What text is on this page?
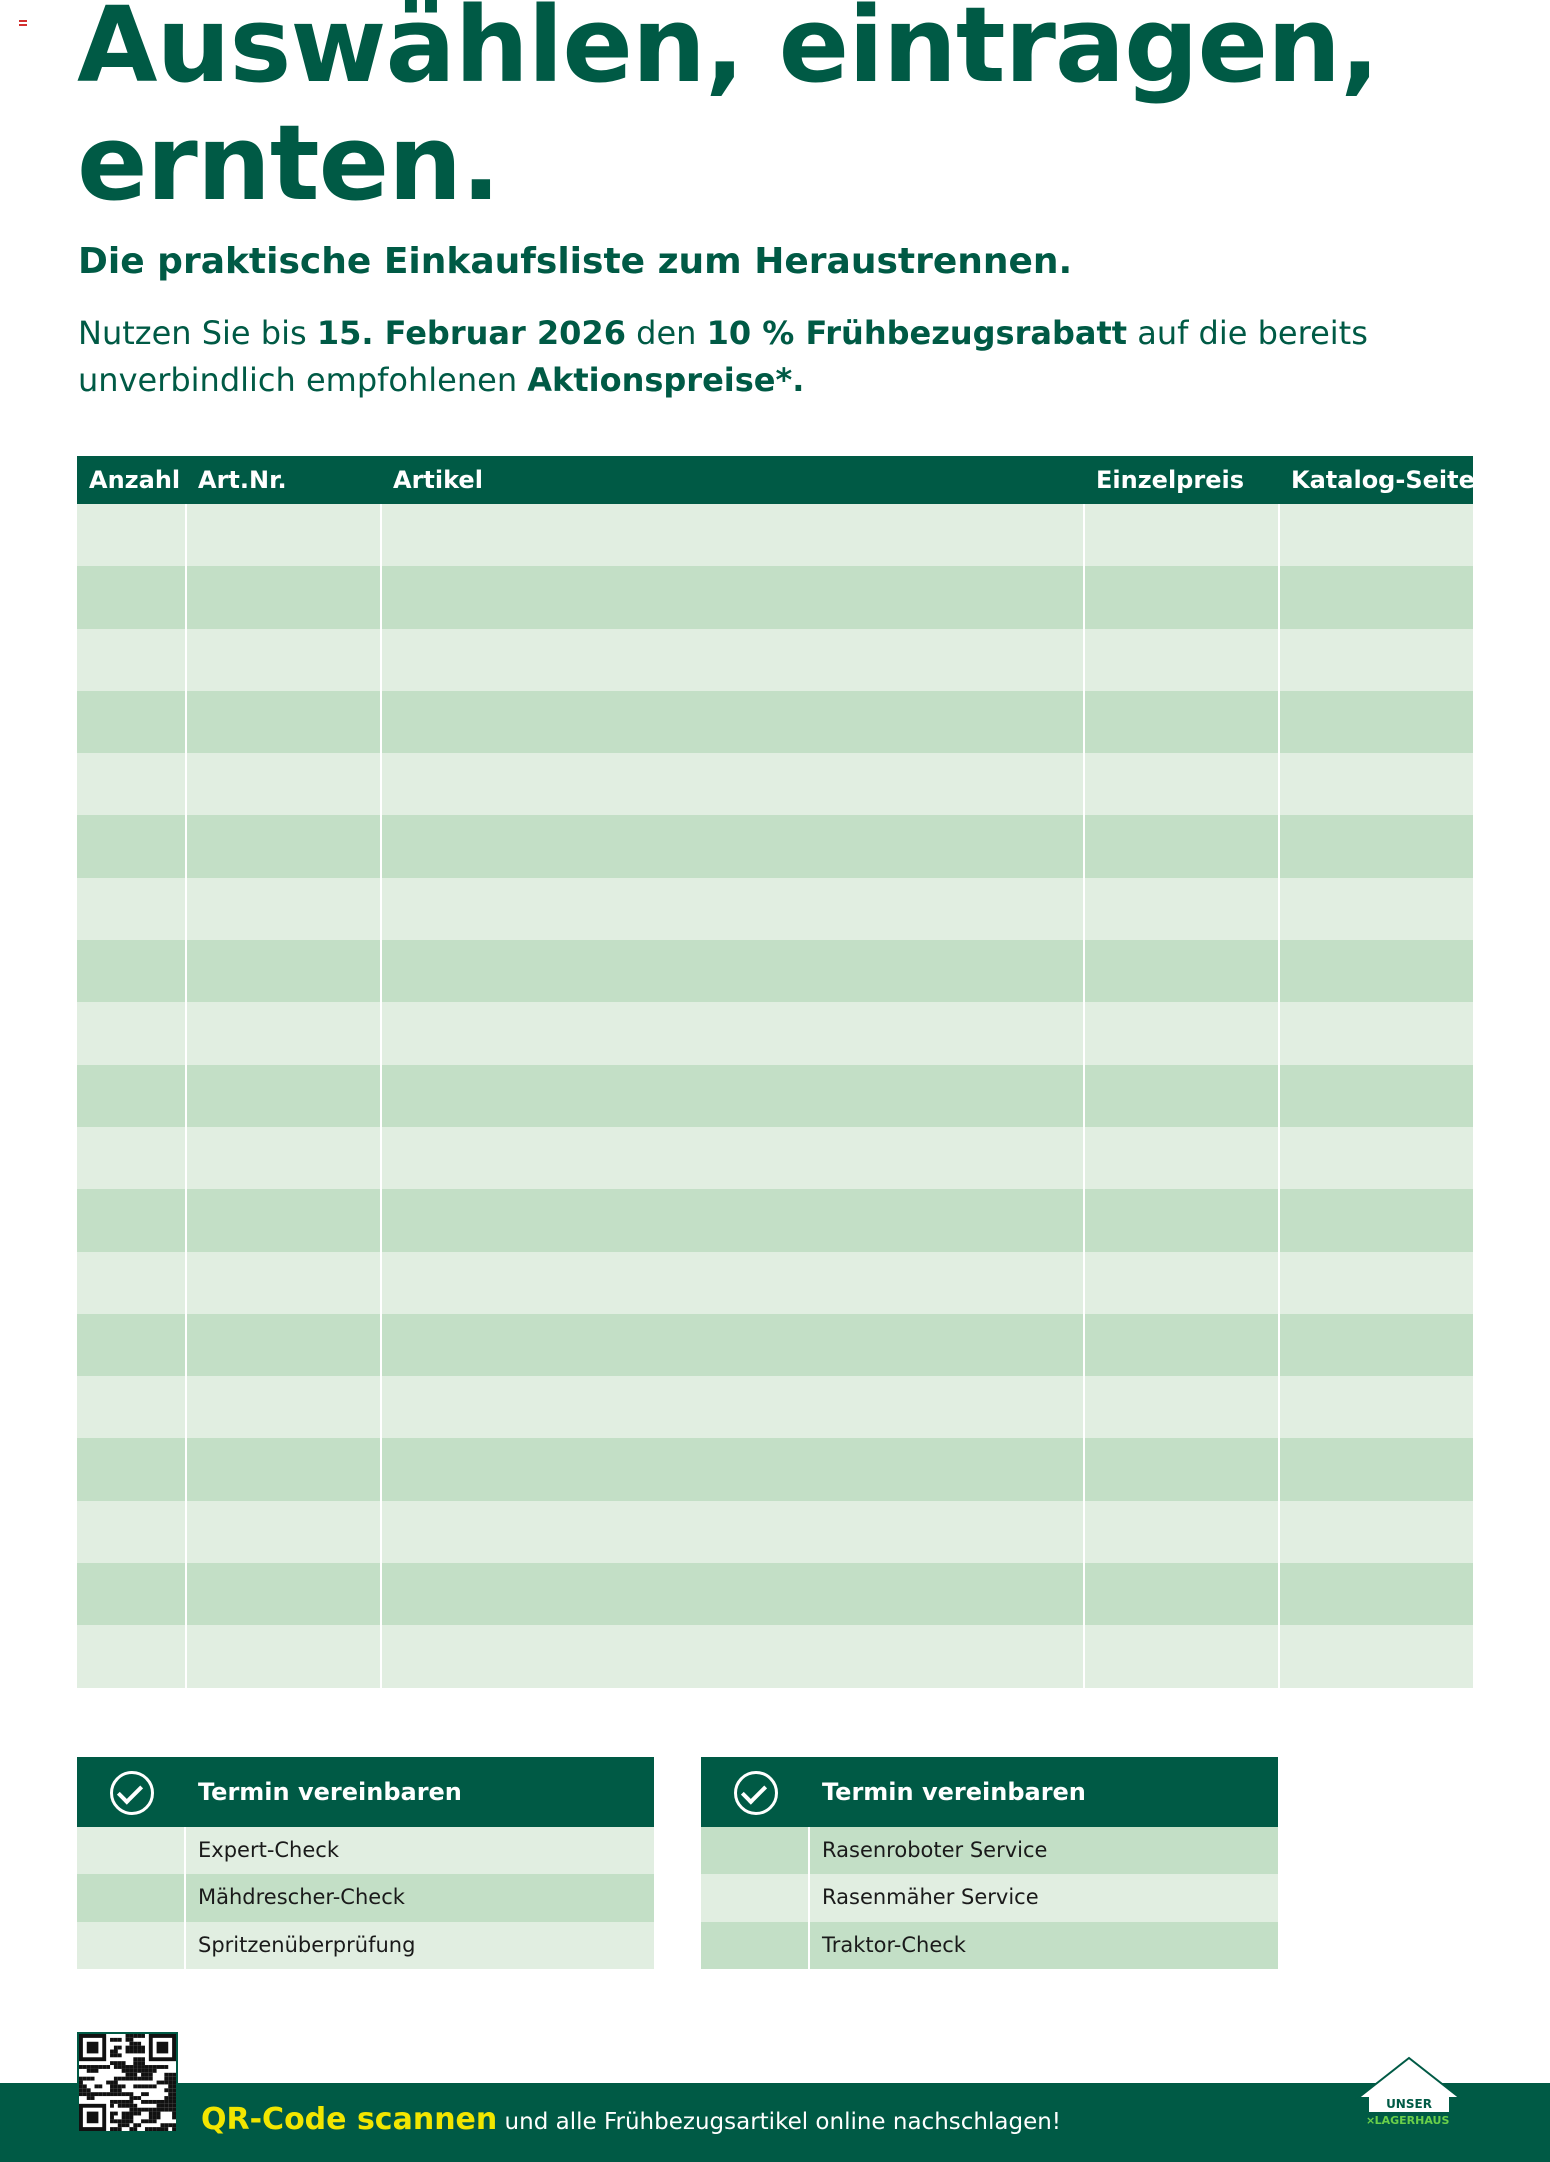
Auswählen, eintragen, ernten.
Die praktische Einkaufsliste zum Heraustrennen.

Nutzen Sie bis 15. Februar 2026 den 10 % Frühbezugsrabatt auf die bereits unverbindlich empfohlenen Aktionspreise*.

Anzahl	Art.Nr.	Artikel	Einzelpreis	Katalog-Seite

Termin vereinbaren
Expert-Check
Mähdrescher-Check
Spritzenüberprüfung
Termin vereinbaren
Rasenroboter Service
Rasenmäher Service
Traktor-Check
QR-Code scannen und alle Frühbezugsartikel online nachschlagen!
UNSER
LAGERHAUS
×
